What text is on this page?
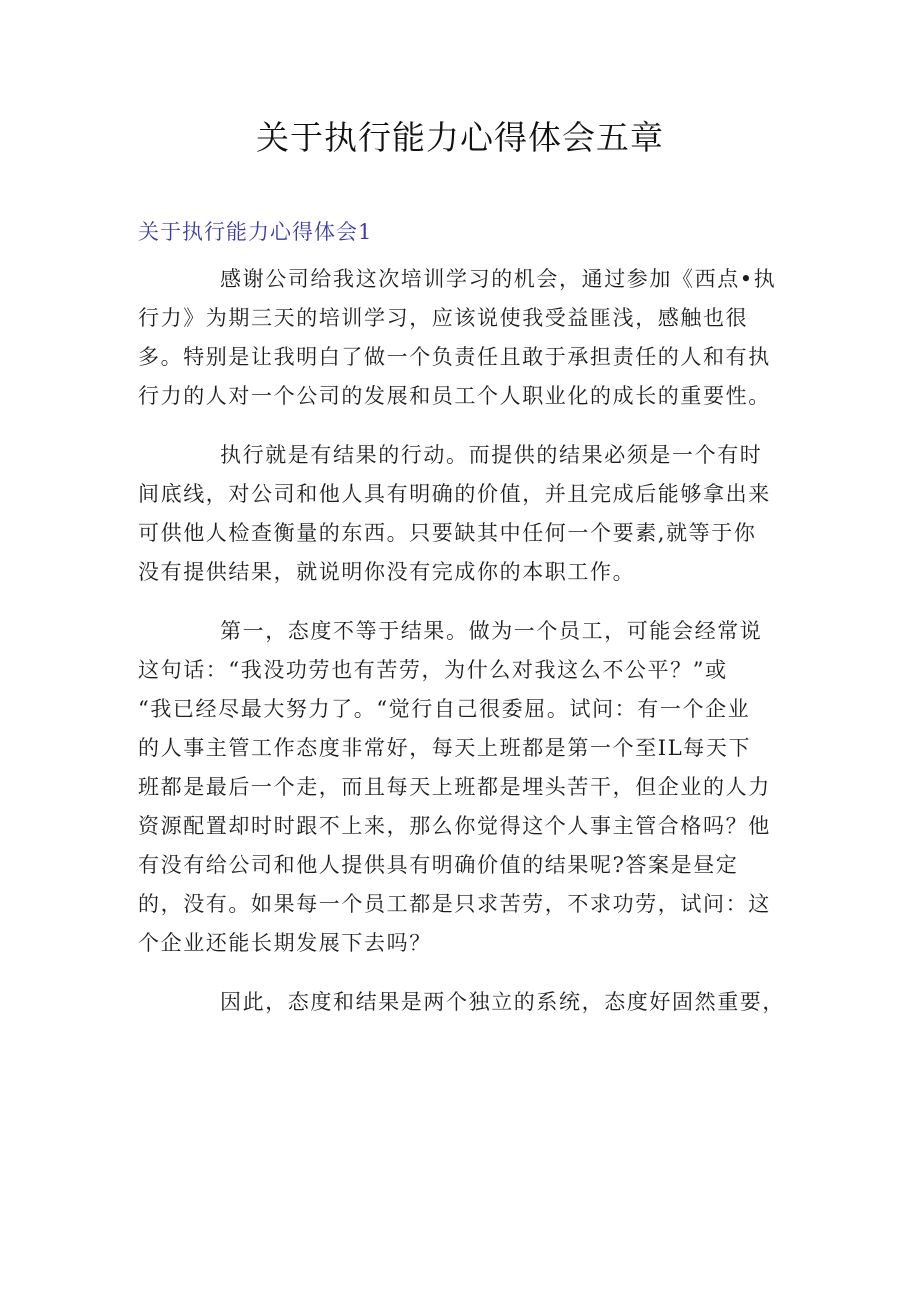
关于执行能力心得体会五章
关于执行能力心得体会1
感谢公司给我这次培训学习的机会，通过参加《西点•执
行力》为期三天的培训学习，应该说使我受益匪浅，感触也很
多。特别是让我明白了做一个负责任且敢于承担责任的人和有执
行力的人对一个公司的发展和员工个人职业化的成长的重要性。
执行就是有结果的行动。而提供的结果必须是一个有时
间底线，对公司和他人具有明确的价值，并且完成后能够拿出来
可供他人检查衡量的东西。只要缺其中任何一个要素,就等于你
没有提供结果，就说明你没有完成你的本职工作。
第一，态度不等于结果。做为一个员工，可能会经常说
这句话：“我没功劳也有苦劳，为什么对我这么不公平？”或
“我已经尽最大努力了。“觉行自己很委屈。试问：有一个企业
的人事主管工作态度非常好，每天上班都是第一个至IL每天下
班都是最后一个走，而且每天上班都是埋头苦干，但企业的人力
资源配置却时时跟不上来，那么你觉得这个人事主管合格吗？他
有没有给公司和他人提供具有明确价值的结果呢?答案是昼定
的，没有。如果每一个员工都是只求苦劳，不求功劳，试问：这
个企业还能长期发展下去吗？
因此，态度和结果是两个独立的系统，态度好固然重要，
